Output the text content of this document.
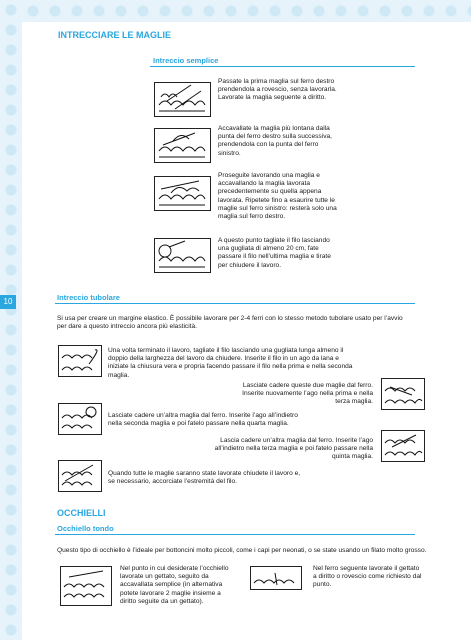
10
INTRECCIARE LE MAGLIE
Intreccio semplice
Passate la prima maglia sul ferro destro prendendola a rovescio, senza lavorarla. Lavorate la maglia seguente a diritto.
Accavallate la maglia più lontana dalla punta del ferro destro sulla successiva, prendendola con la punta del ferro sinistro.
Proseguite lavorando una maglia e accavallando la maglia lavorata precedentemente su quella appena lavorata. Ripetete fino a esaurire tutte le maglie sul ferro sinistro: resterà solo una maglia sul ferro destro.
A questo punto tagliate il filo lasciando una gugliata di almeno 20 cm, fate passare il filo nell’ultima maglia e tirate per chiudere il lavoro.
Intreccio tubolare
Si usa per creare un margine elastico. È possibile lavorare per 2-4 ferri con lo stesso metodo tubolare usato per l’avvio per dare a questo intreccio ancora più elasticità.
Una volta terminato il lavoro, tagliate il filo lasciando una gugliata lunga almeno il doppio della larghezza del lavoro da chiudere. Inserite il filo in un ago da lana e iniziate la chiusura vera e propria facendo passare il filo nella prima e nella seconda maglia.
Lasciate cadere queste due maglie dal ferro. Inserite nuovamente l’ago nella prima e nella terza maglia.
Lasciate cadere un’altra maglia dal ferro. Inserite l’ago all’indietro nella seconda maglia e poi fatelo passare nella quarta maglia.
Lascia cadere un’altra maglia dal ferro. Inserite l’ago all’indietro nella terza maglia e poi fatelo passare nella quinta maglia.
Quando tutte le maglie saranno state lavorate chiudete il lavoro e, se necessario, accorciate l’estremità del filo.
OCCHIELLI
Occhiello tondo
Questo tipo di occhiello è l’ideale per bottoncini molto piccoli, come i capi per neonati, o se state usando un filato molto grosso.
Nel punto in cui desiderate l’occhiello lavorate un gettato, seguito da accavallata semplice (in alternativa potete lavorare 2 maglie insieme a diritto seguite da un gettato).
Nel ferro seguente lavorate il gettato a diritto o rovescio come richiesto dal punto.
